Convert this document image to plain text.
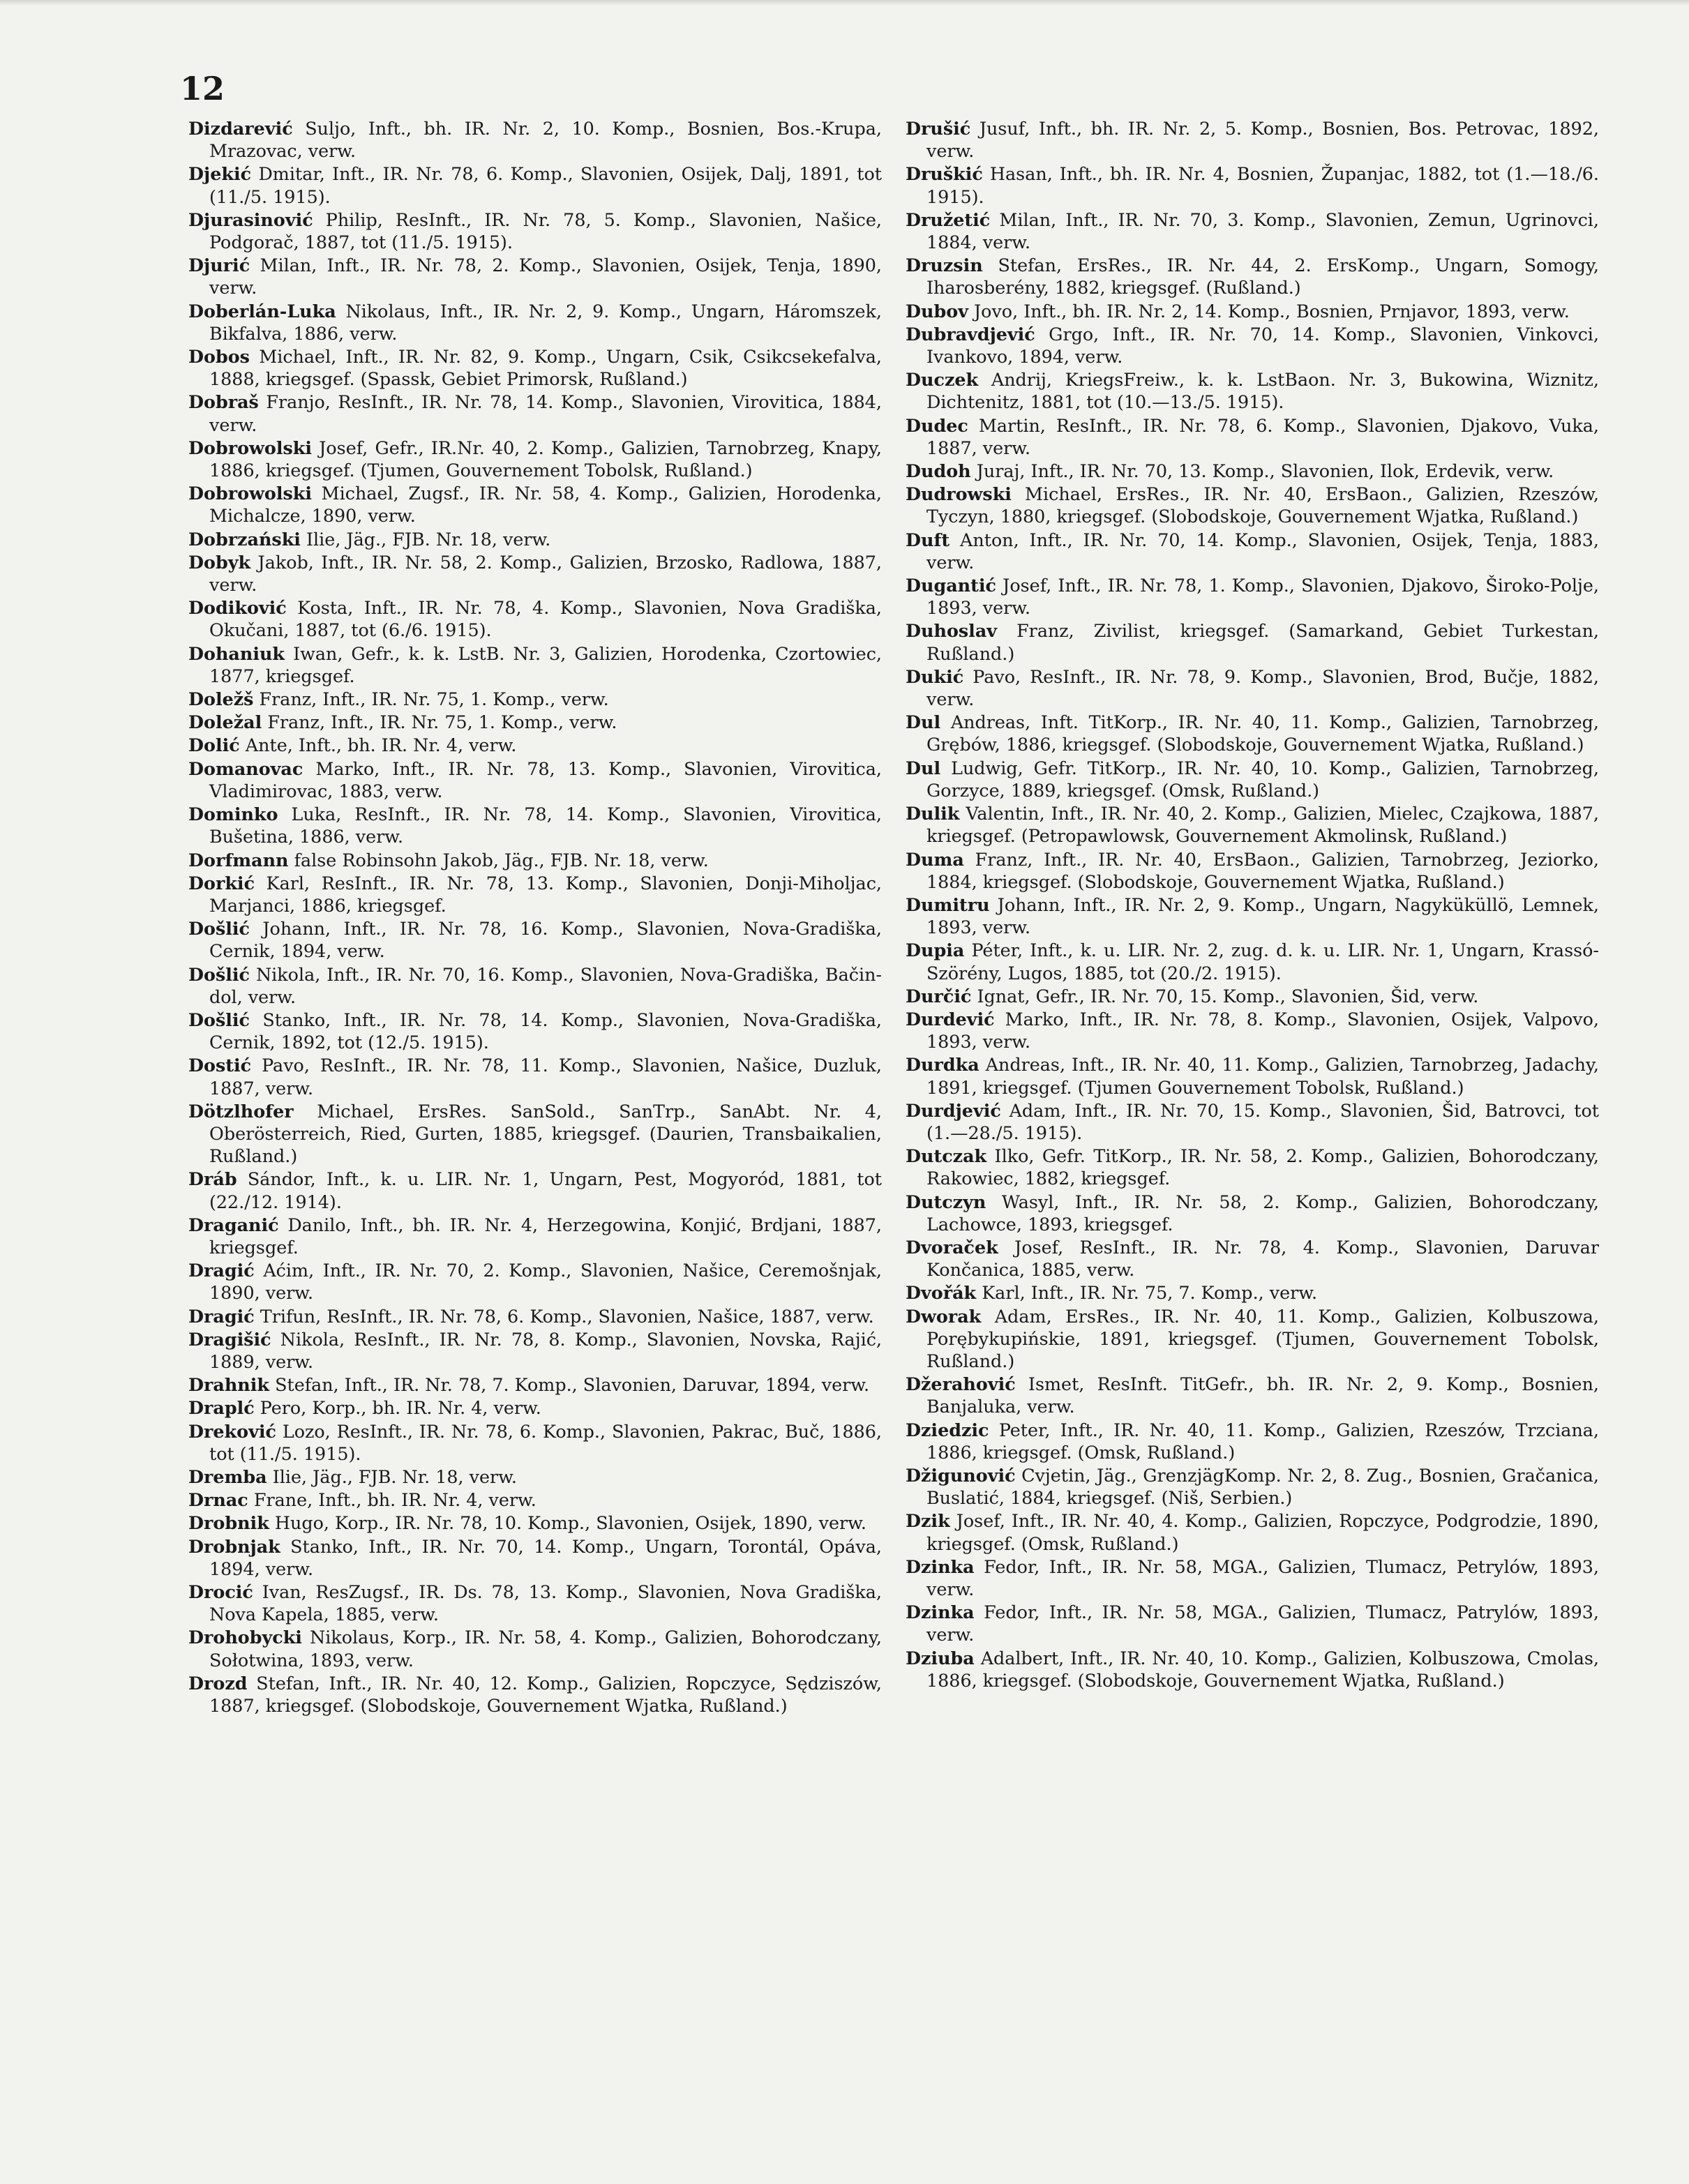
12
Dizdarević Suljo, Inft., bh. IR. Nr. 2, 10. Komp., Bosnien, Bos.-Krupa, Mrazovac, verw.
Djekić Dmitar, Inft., IR. Nr. 78, 6. Komp., Slavonien, Osijek, Dalj, 1891, tot (11./5. 1915).
Djurasinović Philip, ResInft., IR. Nr. 78, 5. Komp., Slavonien, Našice, Podgorač, 1887, tot (11./5. 1915).
Djurić Milan, Inft., IR. Nr. 78, 2. Komp., Slavonien, Osijek, Tenja, 1890, verw.
Doberlán-Luka Nikolaus, Inft., IR. Nr. 2, 9. Komp., Ungarn, Háromszek, Bikfalva, 1886, verw.
Dobos Michael, Inft., IR. Nr. 82, 9. Komp., Ungarn, Csik, Csikcsekefalva, 1888, kriegsgef. (Spassk, Gebiet Primorsk, Rußland.)
Dobraš Franjo, ResInft., IR. Nr. 78, 14. Komp., Slavonien, Virovitica, 1884, verw.
Dobrowolski Josef, Gefr., IR.Nr. 40, 2. Komp., Galizien, Tarnobrzeg, Knapy, 1886, kriegsgef. (Tjumen, Gouvernement Tobolsk, Rußland.)
Dobrowolski Michael, Zugsf., IR. Nr. 58, 4. Komp., Galizien, Horodenka, Michalcze, 1890, verw.
Dobrzański Ilie, Jäg., FJB. Nr. 18, verw.
Dobyk Jakob, Inft., IR. Nr. 58, 2. Komp., Galizien, Brzosko, Radlowa, 1887, verw.
Dodiković Kosta, Inft., IR. Nr. 78, 4. Komp., Slavonien, Nova Gradiška, Okučani, 1887, tot (6./6. 1915).
Dohaniuk Iwan, Gefr., k. k. LstB. Nr. 3, Galizien, Horodenka, Czortowiec, 1877, kriegsgef.
Doležš Franz, Inft., IR. Nr. 75, 1. Komp., verw.
Doležal Franz, Inft., IR. Nr. 75, 1. Komp., verw.
Dolić Ante, Inft., bh. IR. Nr. 4, verw.
Domanovac Marko, Inft., IR. Nr. 78, 13. Komp., Slavonien, Virovitica, Vladimirovac, 1883, verw.
Dominko Luka, ResInft., IR. Nr. 78, 14. Komp., Slavonien, Virovitica, Bušetina, 1886, verw.
Dorfmann false Robinsohn Jakob, Jäg., FJB. Nr. 18, verw.
Dorkić Karl, ResInft., IR. Nr. 78, 13. Komp., Slavonien, Donji-Miholjac, Marjanci, 1886, kriegsgef.
Došlić Johann, Inft., IR. Nr. 78, 16. Komp., Slavonien, Nova-Gradiška, Cernik, 1894, verw.
Došlić Nikola, Inft., IR. Nr. 70, 16. Komp., Slavonien, Nova-Gradiška, Bačin-dol, verw.
Došlić Stanko, Inft., IR. Nr. 78, 14. Komp., Slavonien, Nova-Gradiška, Cernik, 1892, tot (12./5. 1915).
Dostić Pavo, ResInft., IR. Nr. 78, 11. Komp., Slavonien, Našice, Duzluk, 1887, verw.
Dötzlhofer Michael, ErsRes. SanSold., SanTrp., SanAbt. Nr. 4, Oberösterreich, Ried, Gurten, 1885, kriegsgef. (Daurien, Transbaikalien, Rußland.)
Dráb Sándor, Inft., k. u. LIR. Nr. 1, Ungarn, Pest, Mogyoród, 1881, tot (22./12. 1914).
Draganić Danilo, Inft., bh. IR. Nr. 4, Herzegowina, Konjić, Brdjani, 1887, kriegsgef.
Dragić Aćim, Inft., IR. Nr. 70, 2. Komp., Slavonien, Našice, Ceremošnjak, 1890, verw.
Dragić Trifun, ResInft., IR. Nr. 78, 6. Komp., Slavonien, Našice, 1887, verw.
Dragišić Nikola, ResInft., IR. Nr. 78, 8. Komp., Slavonien, Novska, Rajić, 1889, verw.
Drahnik Stefan, Inft., IR. Nr. 78, 7. Komp., Slavonien, Daruvar, 1894, verw.
Draplć Pero, Korp., bh. IR. Nr. 4, verw.
Dreković Lozo, ResInft., IR. Nr. 78, 6. Komp., Slavonien, Pakrac, Buč, 1886, tot (11./5. 1915).
Dremba Ilie, Jäg., FJB. Nr. 18, verw.
Drnac Frane, Inft., bh. IR. Nr. 4, verw.
Drobnik Hugo, Korp., IR. Nr. 78, 10. Komp., Slavonien, Osijek, 1890, verw.
Drobnjak Stanko, Inft., IR. Nr. 70, 14. Komp., Ungarn, Torontál, Opáva, 1894, verw.
Drocić Ivan, ResZugsf., IR. Ds. 78, 13. Komp., Slavonien, Nova Gradiška, Nova Kapela, 1885, verw.
Drohobycki Nikolaus, Korp., IR. Nr. 58, 4. Komp., Galizien, Bohorodczany, Sołotwina, 1893, verw.
Drozd Stefan, Inft., IR. Nr. 40, 12. Komp., Galizien, Ropczyce, Sędziszów, 1887, kriegsgef. (Slobodskoje, Gouvernement Wjatka, Rußland.)
Drušić Jusuf, Inft., bh. IR. Nr. 2, 5. Komp., Bosnien, Bos. Petrovac, 1892, verw.
Druškić Hasan, Inft., bh. IR. Nr. 4, Bosnien, Županjac, 1882, tot (1.—18./6. 1915).
Družetić Milan, Inft., IR. Nr. 70, 3. Komp., Slavonien, Zemun, Ugrinovci, 1884, verw.
Druzsin Stefan, ErsRes., IR. Nr. 44, 2. ErsKomp., Ungarn, Somogy, Iharosberény, 1882, kriegsgef. (Rußland.)
Dubov Jovo, Inft., bh. IR. Nr. 2, 14. Komp., Bosnien, Prnjavor, 1893, verw.
Dubravdjević Grgo, Inft., IR. Nr. 70, 14. Komp., Slavonien, Vinkovci, Ivankovo, 1894, verw.
Duczek Andrij, KriegsFreiw., k. k. LstBaon. Nr. 3, Bukowina, Wiznitz, Dichtenitz, 1881, tot (10.—13./5. 1915).
Dudec Martin, ResInft., IR. Nr. 78, 6. Komp., Slavonien, Djakovo, Vuka, 1887, verw.
Dudoh Juraj, Inft., IR. Nr. 70, 13. Komp., Slavonien, Ilok, Erdevik, verw.
Dudrowski Michael, ErsRes., IR. Nr. 40, ErsBaon., Galizien, Rzeszów, Tyczyn, 1880, kriegsgef. (Slobodskoje, Gouvernement Wjatka, Rußland.)
Duft Anton, Inft., IR. Nr. 70, 14. Komp., Slavonien, Osijek, Tenja, 1883, verw.
Dugantić Josef, Inft., IR. Nr. 78, 1. Komp., Slavonien, Djakovo, Široko-Polje, 1893, verw.
Duhoslav Franz, Zivilist, kriegsgef. (Samarkand, Gebiet Turkestan, Rußland.)
Dukić Pavo, ResInft., IR. Nr. 78, 9. Komp., Slavonien, Brod, Bučje, 1882, verw.
Dul Andreas, Inft. TitKorp., IR. Nr. 40, 11. Komp., Galizien, Tarnobrzeg, Grębów, 1886, kriegsgef. (Slobodskoje, Gouvernement Wjatka, Rußland.)
Dul Ludwig, Gefr. TitKorp., IR. Nr. 40, 10. Komp., Galizien, Tarnobrzeg, Gorzyce, 1889, kriegsgef. (Omsk, Rußland.)
Dulik Valentin, Inft., IR. Nr. 40, 2. Komp., Galizien, Mielec, Czajkowa, 1887, kriegsgef. (Petropawlowsk, Gouvernement Akmolinsk, Rußland.)
Duma Franz, Inft., IR. Nr. 40, ErsBaon., Galizien, Tarnobrzeg, Jeziorko, 1884, kriegsgef. (Slobodskoje, Gouvernement Wjatka, Rußland.)
Dumitru Johann, Inft., IR. Nr. 2, 9. Komp., Ungarn, Nagyküküllö, Lemnek, 1893, verw.
Dupia Péter, Inft., k. u. LIR. Nr. 2, zug. d. k. u. LIR. Nr. 1, Ungarn, Krassó-Szörény, Lugos, 1885, tot (20./2. 1915).
Durčić Ignat, Gefr., IR. Nr. 70, 15. Komp., Slavonien, Šid, verw.
Durdević Marko, Inft., IR. Nr. 78, 8. Komp., Slavonien, Osijek, Valpovo, 1893, verw.
Durdka Andreas, Inft., IR. Nr. 40, 11. Komp., Galizien, Tarnobrzeg, Jadachy, 1891, kriegsgef. (Tjumen Gouvernement Tobolsk, Rußland.)
Durdjević Adam, Inft., IR. Nr. 70, 15. Komp., Slavonien, Šid, Batrovci, tot (1.—28./5. 1915).
Dutczak Ilko, Gefr. TitKorp., IR. Nr. 58, 2. Komp., Galizien, Bohorodczany, Rakowiec, 1882, kriegsgef.
Dutczyn Wasyl, Inft., IR. Nr. 58, 2. Komp., Galizien, Bohorodczany, Lachowce, 1893, kriegsgef.
Dvoraček Josef, ResInft., IR. Nr. 78, 4. Komp., Slavonien, Daruvar Končanica, 1885, verw.
Dvořák Karl, Inft., IR. Nr. 75, 7. Komp., verw.
Dworak Adam, ErsRes., IR. Nr. 40, 11. Komp., Galizien, Kolbuszowa, Porębykupińskie, 1891, kriegsgef. (Tjumen, Gouvernement Tobolsk, Rußland.)
Džerahović Ismet, ResInft. TitGefr., bh. IR. Nr. 2, 9. Komp., Bosnien, Banjaluka, verw.
Dziedzic Peter, Inft., IR. Nr. 40, 11. Komp., Galizien, Rzeszów, Trzciana, 1886, kriegsgef. (Omsk, Rußland.)
Džigunović Cvjetin, Jäg., GrenzjägKomp. Nr. 2, 8. Zug., Bosnien, Gračanica, Buslatić, 1884, kriegsgef. (Niš, Serbien.)
Dzik Josef, Inft., IR. Nr. 40, 4. Komp., Galizien, Ropczyce, Podgrodzie, 1890, kriegsgef. (Omsk, Rußland.)
Dzinka Fedor, Inft., IR. Nr. 58, MGA., Galizien, Tlumacz, Petrylów, 1893, verw.
Dzinka Fedor, Inft., IR. Nr. 58, MGA., Galizien, Tlumacz, Patrylów, 1893, verw.
Dziuba Adalbert, Inft., IR. Nr. 40, 10. Komp., Galizien, Kolbuszowa, Cmolas, 1886, kriegsgef. (Slobodskoje, Gouvernement Wjatka, Rußland.)
